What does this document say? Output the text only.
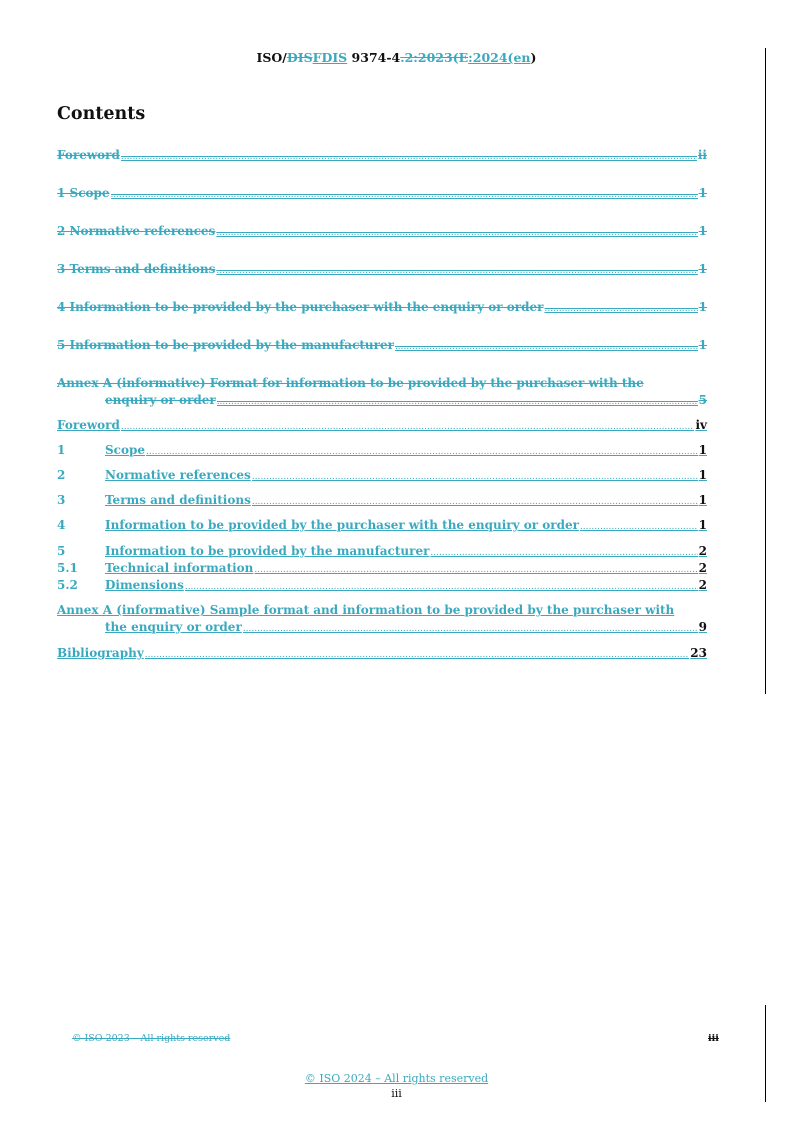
ISO/DISFDIS 9374-4.2:2023(E:2024(en)
Contents
Foreword .....	ii
1 Scope .....	1
2 Normative references .....	1
3 Terms and definitions .....	1
4 Information to be provided by the purchaser with the enquiry or order .....	1
5 Information to be provided by the manufacturer .....	1
Annex A (informative) Format for information to be provided by the purchaser with the
enquiry or order .....	5
Foreword .....	iv
1	Scope .....	1
2	Normative references .....	1
3	Terms and definitions .....	1
4	Information to be provided by the purchaser with the enquiry or order .....	1
5	Information to be provided by the manufacturer .....	2
5.1 Technical information .....	2
5.2 Dimensions .....	2
Annex A (informative) Sample format and information to be provided by the purchaser with
the enquiry or order .....	9
Bibliography .....	23
© ISO 2023 – All rights reserved	iii
© ISO 2024 – All rights reserved
iii
